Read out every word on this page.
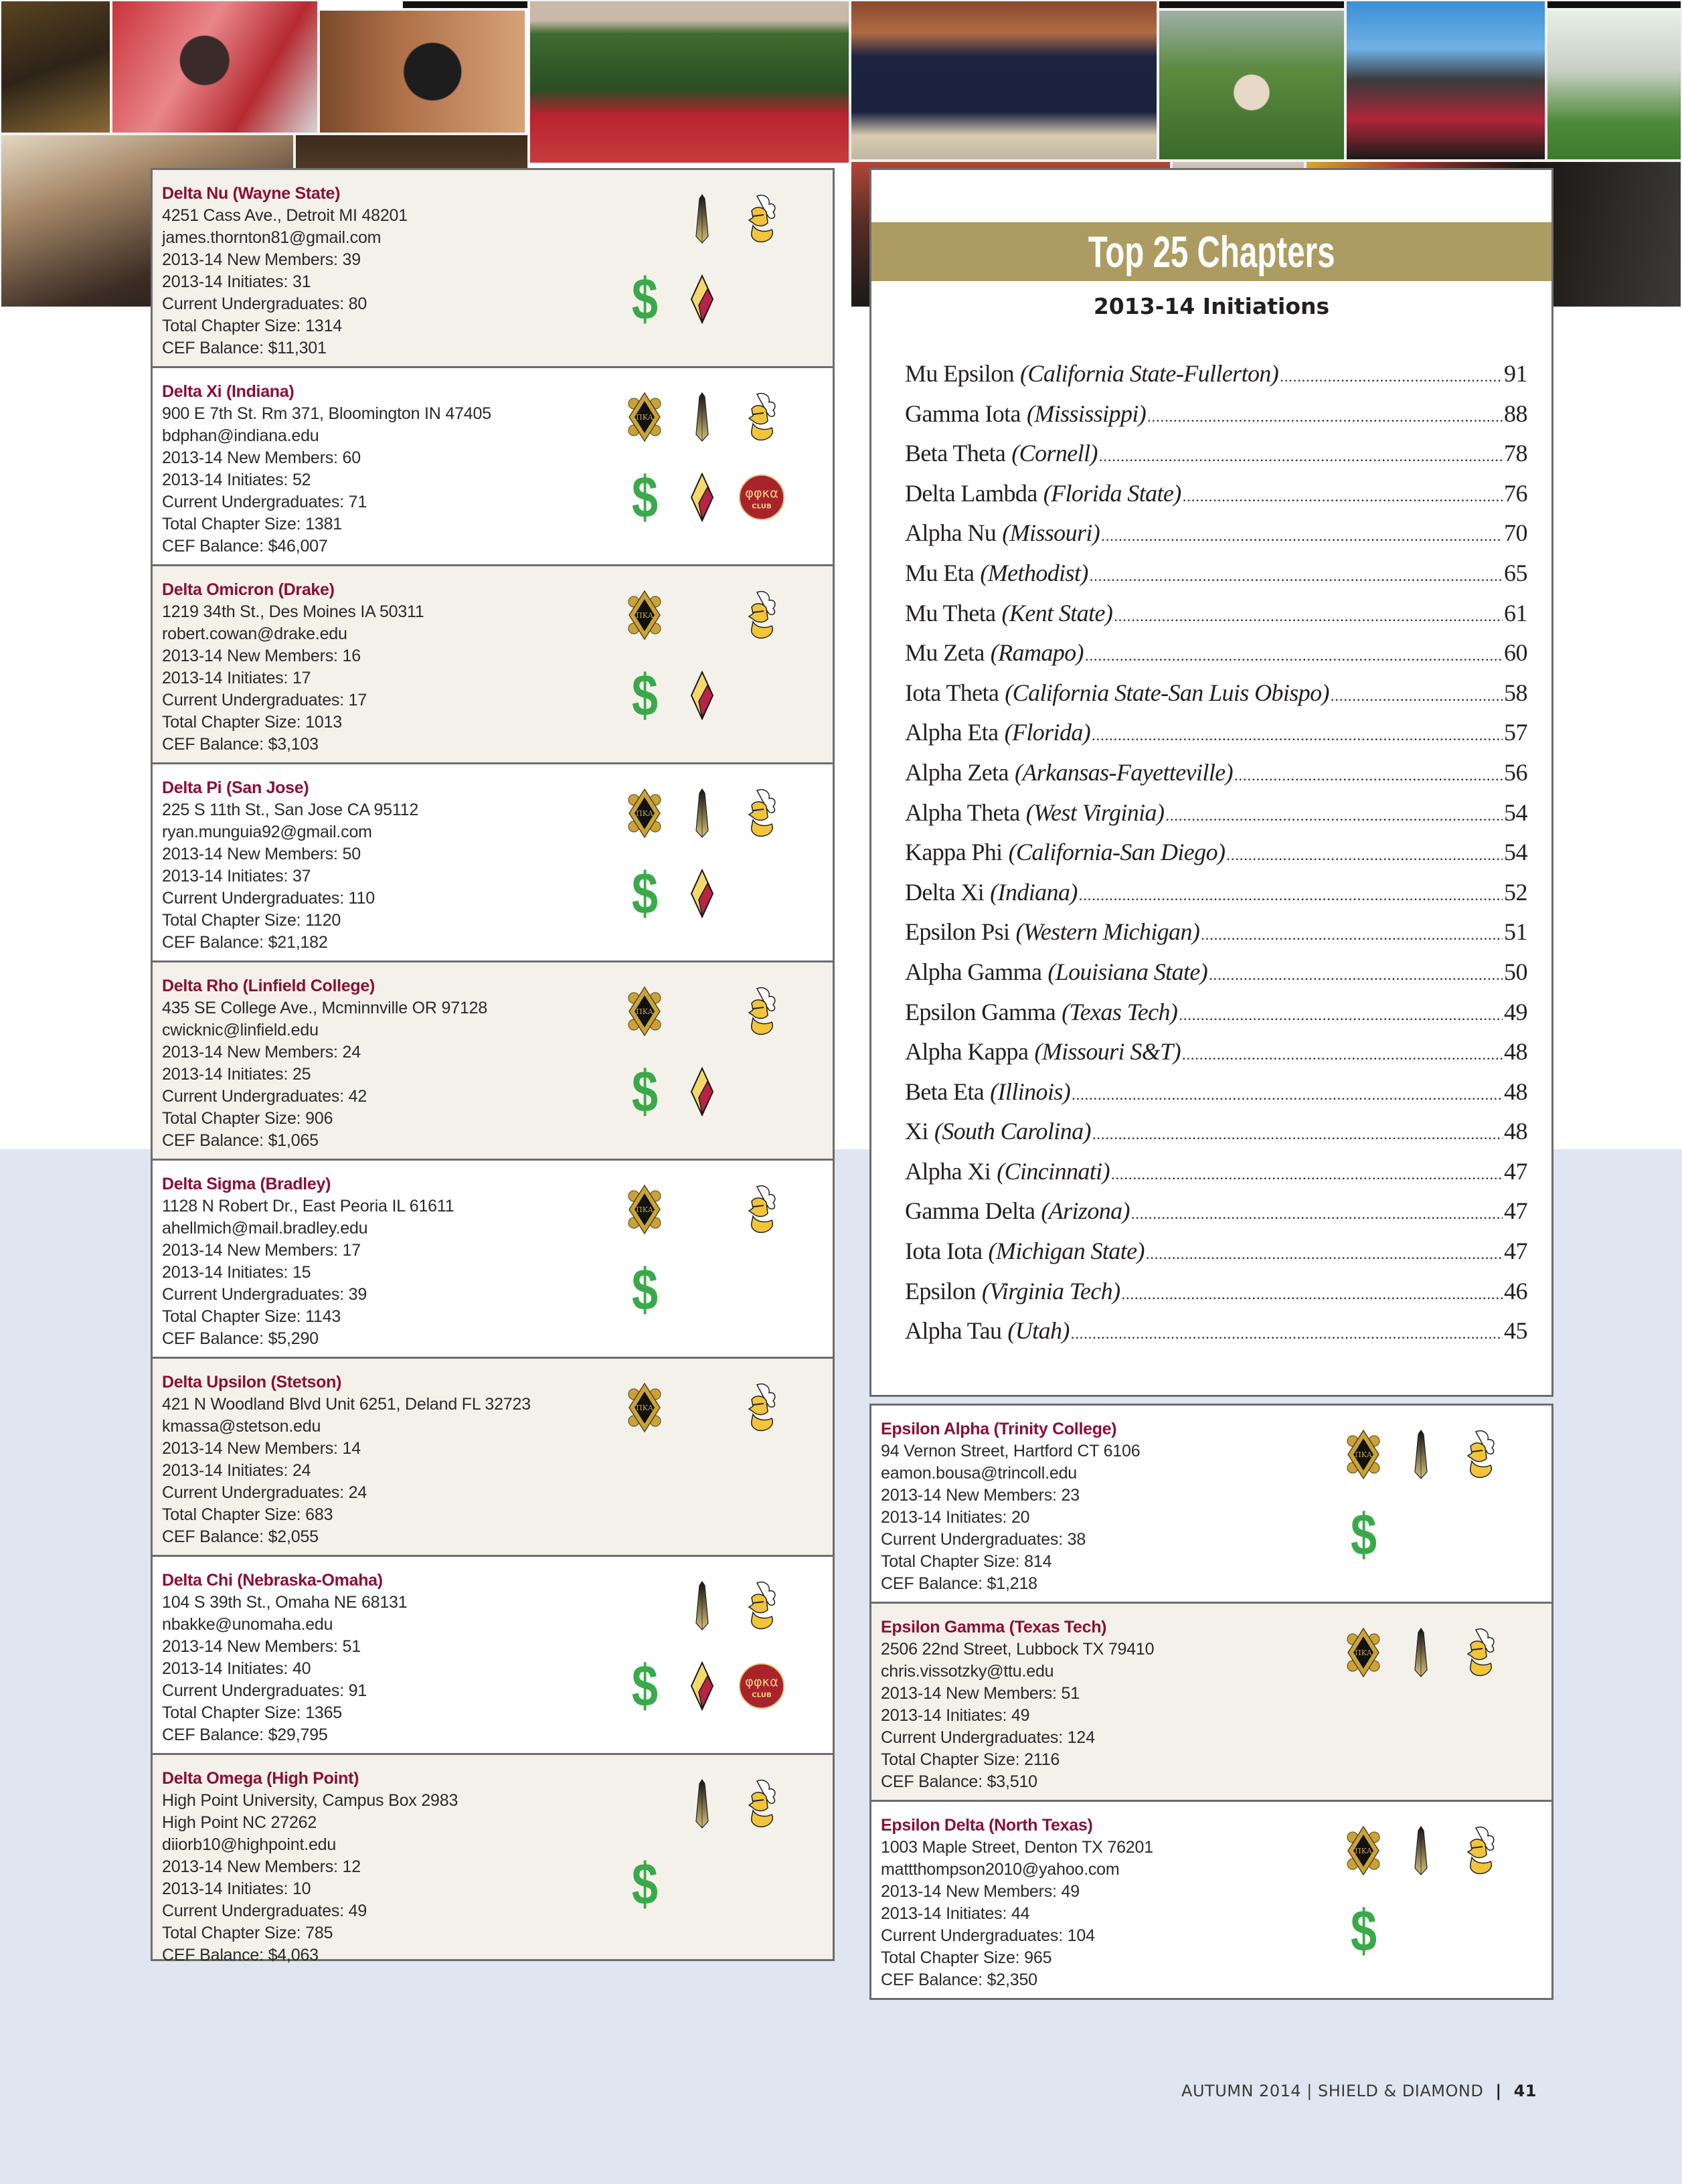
Delta Nu (Wayne State)
4251 Cass Ave., Detroit MI 48201
james.thornton81@gmail.com
2013-14 New Members: 39
2013-14 Initiates: 31
Current Undergraduates: 80
Total Chapter Size: 1314
CEF Balance: $11,301
$
Delta Xi (Indiana)
900 E 7th St. Rm 371, Bloomington IN 47405
bdphan@indiana.edu
2013-14 New Members: 60
2013-14 Initiates: 52
Current Undergraduates: 71
Total Chapter Size: 1381
CEF Balance: $46,007
$
Delta Omicron (Drake)
1219 34th St., Des Moines IA 50311
robert.cowan@drake.edu
2013-14 New Members: 16
2013-14 Initiates: 17
Current Undergraduates: 17
Total Chapter Size: 1013
CEF Balance: $3,103
$
Delta Pi (San Jose)
225 S 11th St., San Jose CA 95112
ryan.munguia92@gmail.com
2013-14 New Members: 50
2013-14 Initiates: 37
Current Undergraduates: 110
Total Chapter Size: 1120
CEF Balance: $21,182
$
Delta Rho (Linfield College)
435 SE College Ave., Mcminnville OR 97128
cwicknic@linfield.edu
2013-14 New Members: 24
2013-14 Initiates: 25
Current Undergraduates: 42
Total Chapter Size: 906
CEF Balance: $1,065
$
Delta Sigma (Bradley)
1128 N Robert Dr., East Peoria IL 61611
ahellmich@mail.bradley.edu
2013-14 New Members: 17
2013-14 Initiates: 15
Current Undergraduates: 39
Total Chapter Size: 1143
CEF Balance: $5,290
$
Delta Upsilon (Stetson)
421 N Woodland Blvd Unit 6251, Deland FL 32723
kmassa@stetson.edu
2013-14 New Members: 14
2013-14 Initiates: 24
Current Undergraduates: 24
Total Chapter Size: 683
CEF Balance: $2,055
Delta Chi (Nebraska-Omaha)
104 S 39th St., Omaha NE 68131
nbakke@unomaha.edu
2013-14 New Members: 51
2013-14 Initiates: 40
Current Undergraduates: 91
Total Chapter Size: 1365
CEF Balance: $29,795
$
Delta Omega (High Point)
High Point University, Campus Box 2983
High Point NC 27262
diiorb10@highpoint.edu
2013-14 New Members: 12
2013-14 Initiates: 10
Current Undergraduates: 49
Total Chapter Size: 785
CEF Balance: $4,063
$
Top 25 Chapters
2013-14 Initiations
Mu Epsilon (California State-Fullerton) .....	91
Gamma Iota (Mississippi) .....	88
Beta Theta (Cornell) .....	78
Delta Lambda (Florida State) .....	76
Alpha Nu (Missouri) .....	70
Mu Eta (Methodist) .....	65
Mu Theta (Kent State) .....	61
Mu Zeta (Ramapo) .....	60
Iota Theta (California State-San Luis Obispo) .....	58
Alpha Eta (Florida) .....	57
Alpha Zeta (Arkansas-Fayetteville) .....	56
Alpha Theta (West Virginia) .....	54
Kappa Phi (California-San Diego) .....	54
Delta Xi (Indiana) .....	52
Epsilon Psi (Western Michigan) .....	51
Alpha Gamma (Louisiana State) .....	50
Epsilon Gamma (Texas Tech) .....	49
Alpha Kappa (Missouri S&T) .....	48
Beta Eta (Illinois) .....	48
Xi (South Carolina) .....	48
Alpha Xi (Cincinnati) .....	47
Gamma Delta (Arizona) .....	47
Iota Iota (Michigan State) .....	47
Epsilon (Virginia Tech) .....	46
Alpha Tau (Utah) .....	45
Epsilon Alpha (Trinity College)
94 Vernon Street, Hartford CT 6106
eamon.bousa@trincoll.edu
2013-14 New Members: 23
2013-14 Initiates: 20
Current Undergraduates: 38
Total Chapter Size: 814
CEF Balance: $1,218
$
Epsilon Gamma (Texas Tech)
2506 22nd Street, Lubbock TX 79410
chris.vissotzky@ttu.edu
2013-14 New Members: 51
2013-14 Initiates: 49
Current Undergraduates: 124
Total Chapter Size: 2116
CEF Balance: $3,510
Epsilon Delta (North Texas)
1003 Maple Street, Denton TX 76201
mattthompson2010@yahoo.com
2013-14 New Members: 49
2013-14 Initiates: 44
Current Undergraduates: 104
Total Chapter Size: 965
CEF Balance: $2,350
$
AUTUMN 2014 | SHIELD & DIAMOND | 41
